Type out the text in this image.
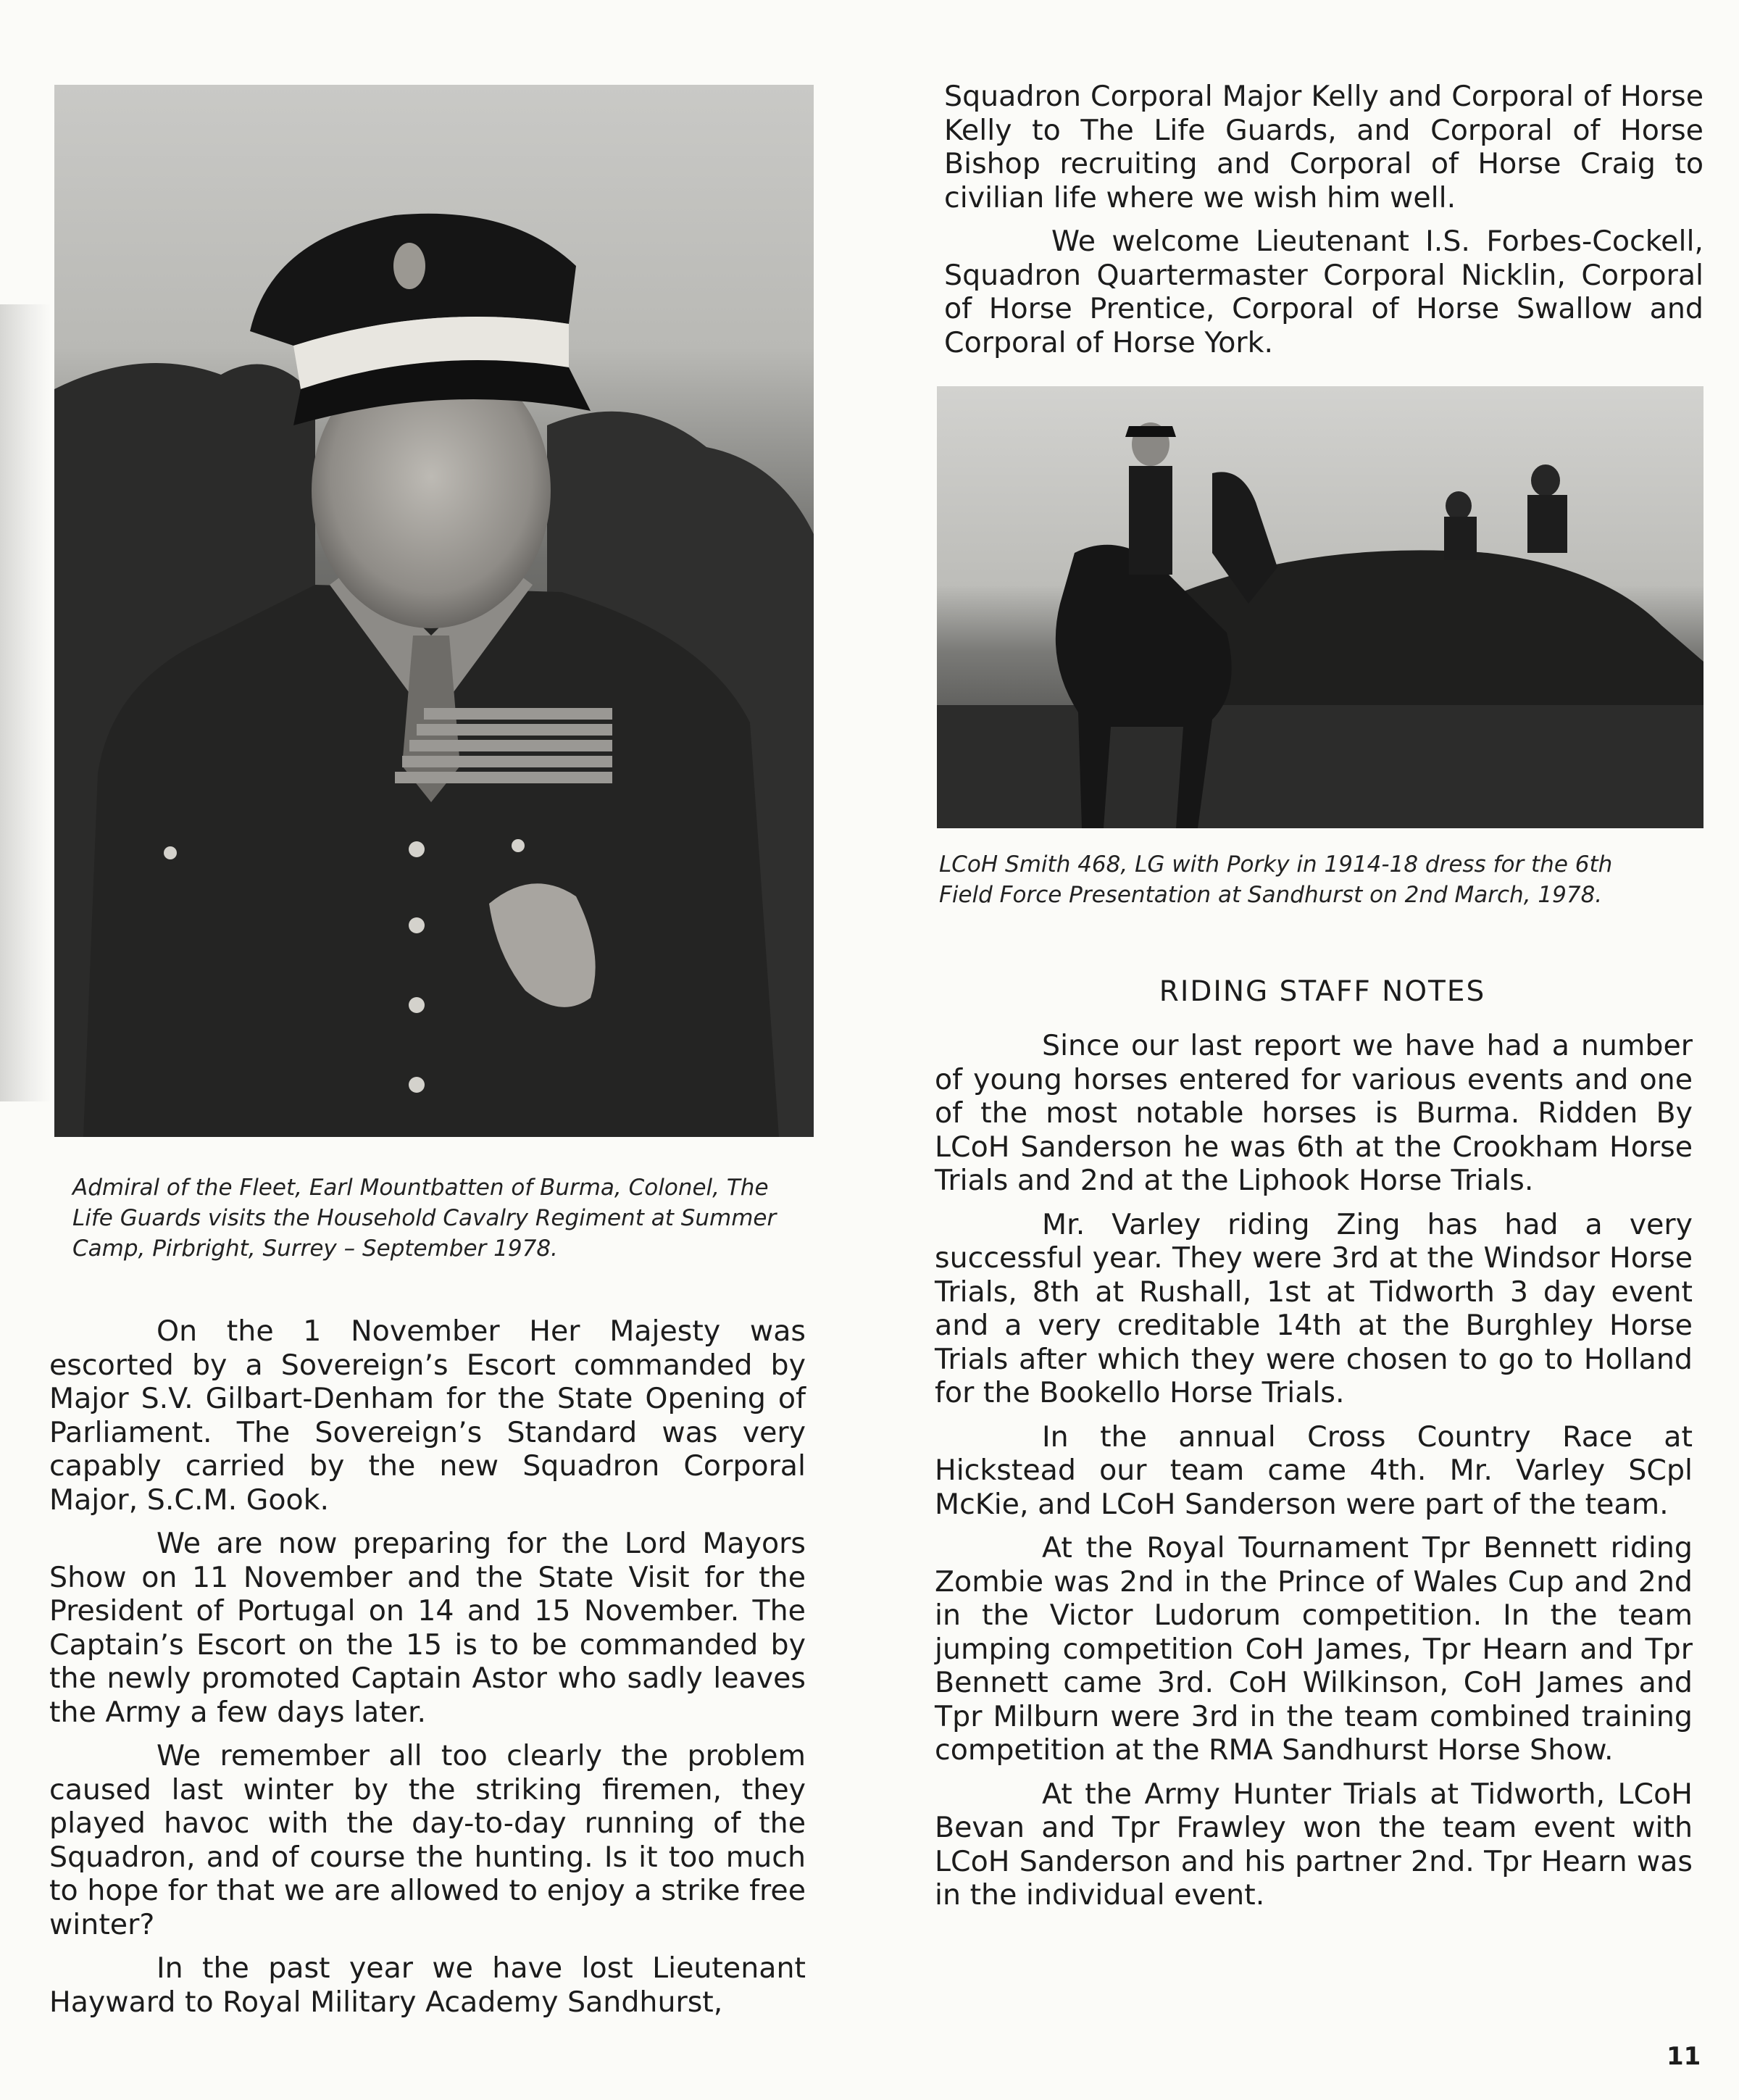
Admiral of the Fleet, Earl Mountbatten of Burma, Colonel, The Life Guards visits the Household Cavalry Regiment at Summer Camp, Pirbright, Surrey – September 1978.

On the 1 November Her Majesty was escorted by a Sovereign’s Escort commanded by Major S.V. Gilbart-Denham for the State Opening of Parliament. The Sovereign’s Standard was very capably carried by the new Squadron Corporal Major, S.C.M. Gook.

We are now preparing for the Lord Mayors Show on 11 November and the State Visit for the President of Portugal on 14 and 15 November. The Captain’s Escort on the 15 is to be commanded by the newly promoted Captain Astor who sadly leaves the Army a few days later.

We remember all too clearly the problem caused last winter by the striking firemen, they played havoc with the day-to-day running of the Squadron, and of course the hunting. Is it too much to hope for that we are allowed to enjoy a strike free winter?

In the past year we have lost Lieutenant Hayward to Royal Military Academy Sandhurst,

Squadron Corporal Major Kelly and Corporal of Horse Kelly to The Life Guards, and Corporal of Horse Bishop recruiting and Corporal of Horse Craig to civilian life where we wish him well.

We welcome Lieutenant I.S. Forbes-Cockell, Squadron Quartermaster Corporal Nicklin, Corporal of Horse Prentice, Corporal of Horse Swallow and Corporal of Horse York.

LCoH Smith 468, LG with Porky in 1914-18 dress for the 6th Field Force Presentation at Sandhurst on 2nd March, 1978.

RIDING STAFF NOTES

Since our last report we have had a number of young horses entered for various events and one of the most notable horses is Burma. Ridden By LCoH Sanderson he was 6th at the Crookham Horse Trials and 2nd at the Liphook Horse Trials.

Mr. Varley riding Zing has had a very successful year. They were 3rd at the Windsor Horse Trials, 8th at Rushall, 1st at Tidworth 3 day event and a very creditable 14th at the Burghley Horse Trials after which they were chosen to go to Holland for the Bookello Horse Trials.

In the annual Cross Country Race at Hickstead our team came 4th. Mr. Varley SCpl McKie, and LCoH Sanderson were part of the team.

At the Royal Tournament Tpr Bennett riding Zombie was 2nd in the Prince of Wales Cup and 2nd in the Victor Ludorum competition. In the team jumping competition CoH James, Tpr Hearn and Tpr Bennett came 3rd. CoH Wilkinson, CoH James and Tpr Milburn were 3rd in the team combined training competition at the RMA Sandhurst Horse Show.

At the Army Hunter Trials at Tidworth, LCoH Bevan and Tpr Frawley won the team event with LCoH Sanderson and his partner 2nd. Tpr Hearn was in the individual event.

11
